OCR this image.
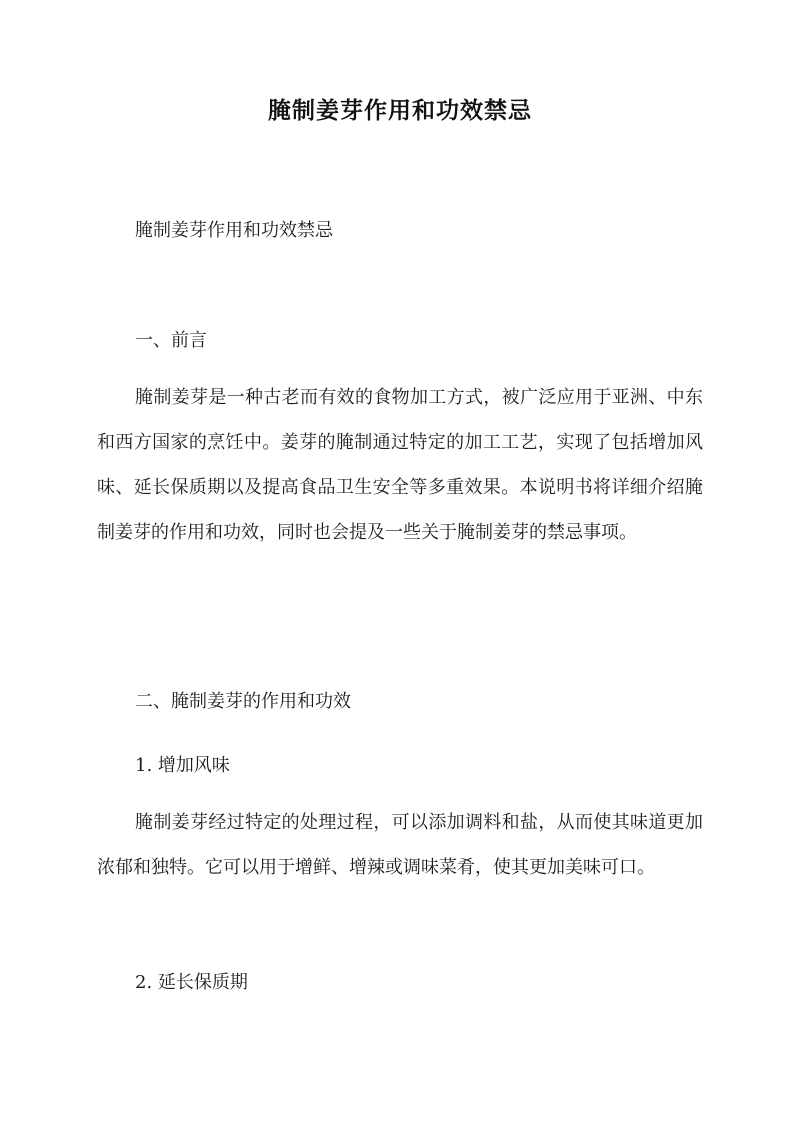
腌制姜芽作用和功效禁忌
腌制姜芽作用和功效禁忌
一、前言

腌制姜芽是一种古老而有效的食物加工方式，被广泛应用于亚洲、中东和西方国家的烹饪中。姜芽的腌制通过特定的加工工艺，实现了包括增加风味、延长保质期以及提高食品卫生安全等多重效果。本说明书将详细介绍腌制姜芽的作用和功效，同时也会提及一些关于腌制姜芽的禁忌事项。

二、腌制姜芽的作用和功效
1. 增加风味

腌制姜芽经过特定的处理过程，可以添加调料和盐，从而使其味道更加浓郁和独特。它可以用于增鲜、增辣或调味菜肴，使其更加美味可口。

2. 延长保质期
